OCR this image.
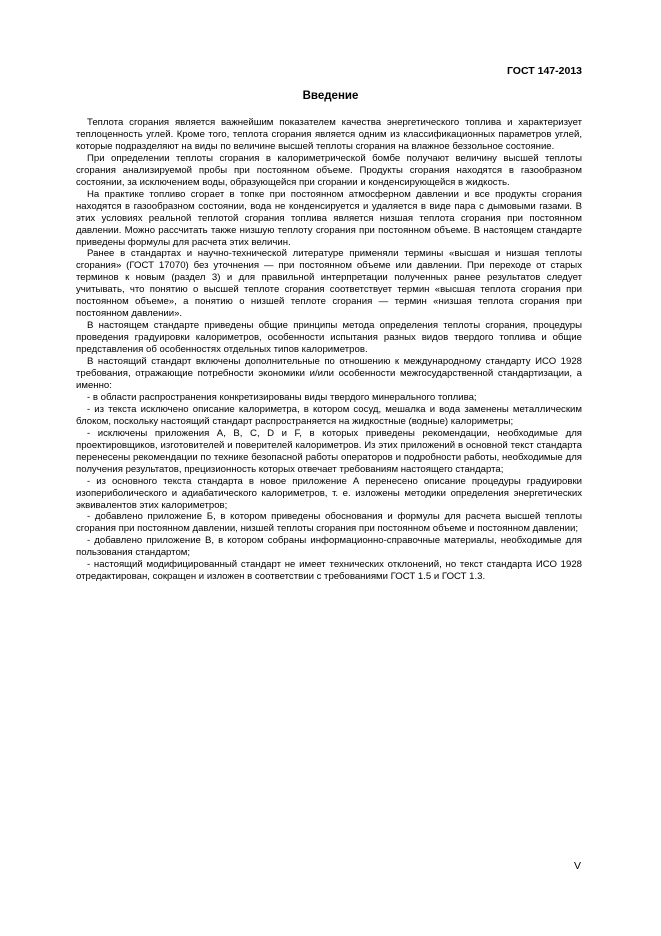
ГОСТ 147-2013

Введение

Теплота сгорания является важнейшим показателем качества энергетического топлива и характеризует теплоценность углей. Кроме того, теплота сгорания является одним из классификационных параметров углей, которые подразделяют на виды по величине высшей теплоты сгорания на влажное беззольное состояние.

При определении теплоты сгорания в калориметрической бомбе получают величину высшей теплоты сгорания анализируемой пробы при постоянном объеме. Продукты сгорания находятся в газообразном состоянии, за исключением воды, образующейся при сгорании и конденсирующейся в жидкость.

На практике топливо сгорает в топке при постоянном атмосферном давлении и все продукты сгорания находятся в газообразном состоянии, вода не конденсируется и удаляется в виде пара с дымовыми газами. В этих условиях реальной теплотой сгорания топлива является низшая теплота сгорания при постоянном давлении. Можно рассчитать также низшую теплоту сгорания при постоянном объеме. В настоящем стандарте приведены формулы для расчета этих величин.

Ранее в стандартах и научно-технической литературе применяли термины «высшая и низшая теплоты сгорания» (ГОСТ 17070) без уточнения — при постоянном объеме или давлении. При переходе от старых терминов к новым (раздел 3) и для правильной интерпретации полученных ранее результатов следует учитывать, что понятию о высшей теплоте сгорания соответствует термин «высшая теплота сгорания при постоянном объеме», а понятию о низшей теплоте сгорания — термин «низшая теплота сгорания при постоянном давлении».

В настоящем стандарте приведены общие принципы метода определения теплоты сгорания, процедуры проведения градуировки калориметров, особенности испытания разных видов твердого топлива и общие представления об особенностях отдельных типов калориметров.

В настоящий стандарт включены дополнительные по отношению к международному стандарту ИСО 1928 требования, отражающие потребности экономики и/или особенности межгосударственной стандартизации, а именно:

- в области распространения конкретизированы виды твердого минерального топлива;

- из текста исключено описание калориметра, в котором сосуд, мешалка и вода заменены металлическим блоком, поскольку настоящий стандарт распространяется на жидкостные (водные) калориметры;

- исключены приложения А, В, С, D и F, в которых приведены рекомендации, необходимые для проектировщиков, изготовителей и поверителей калориметров. Из этих приложений в основной текст стандарта перенесены рекомендации по технике безопасной работы операторов и подробности работы, необходимые для получения результатов, прецизионность которых отвечает требованиям настоящего стандарта;

- из основного текста стандарта в новое приложение А перенесено описание процедуры градуировки изопериболического и адиабатического калориметров, т. е. изложены методики определения энергетических эквивалентов этих калориметров;

- добавлено приложение Б, в котором приведены обоснования и формулы для расчета высшей теплоты сгорания при постоянном давлении, низшей теплоты сгорания при постоянном объеме и постоянном давлении;

- добавлено приложение В, в котором собраны информационно-справочные материалы, необходимые для пользования стандартом;

- настоящий модифицированный стандарт не имеет технических отклонений, но текст стандарта ИСО 1928 отредактирован, сокращен и изложен в соответствии с требованиями ГОСТ 1.5 и ГОСТ 1.3.

V
